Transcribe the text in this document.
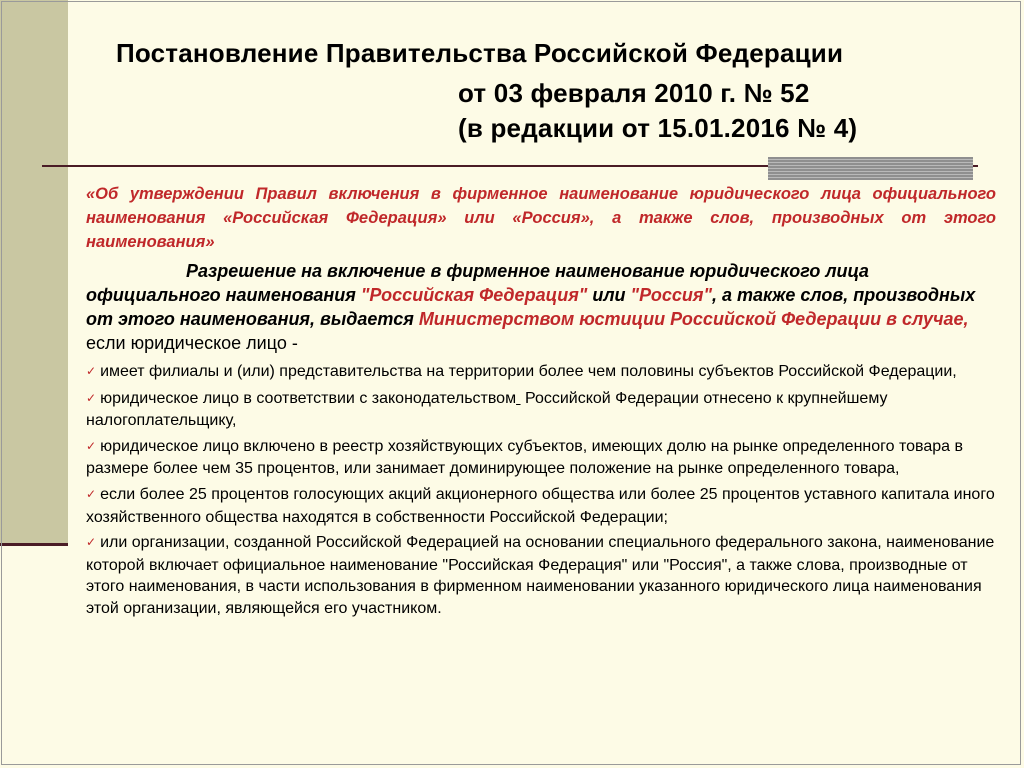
Постановление Правительства Российской Федерации
от 03 февраля 2010 г. № 52
(в редакции от 15.01.2016 № 4)

«Об утверждении Правил включения в фирменное наименование юридического лица официального наименования «Российская Федерация» или «Россия», а также слов, производных от этого наименования»

Разрешение на включение в фирменное наименование юридического лица официального наименования "Российская Федерация" или "Россия", а также слов, производных от этого наименования, выдается Министерством юстиции Российской Федерации в случае, если юридическое лицо -

✓ имеет филиалы и (или) представительства на территории более чем половины субъектов Российской Федерации,
✓ юридическое лицо в соответствии с законодательством  Российской Федерации отнесено к крупнейшему налогоплательщику,
✓ юридическое лицо включено в реестр хозяйствующих субъектов, имеющих долю на рынке определенного товара в размере более чем 35 процентов, или занимает доминирующее положение на рынке определенного товара,
✓ если более 25 процентов голосующих акций акционерного общества или более 25 процентов уставного капитала иного хозяйственного общества находятся в собственности Российской Федерации;
✓ или организации, созданной Российской Федерацией на основании специального федерального закона, наименование которой включает официальное наименование "Российская Федерация" или "Россия", а также слова, производные от этого наименования, в части использования в фирменном наименовании указанного юридического лица наименования этой организации, являющейся его участником.
